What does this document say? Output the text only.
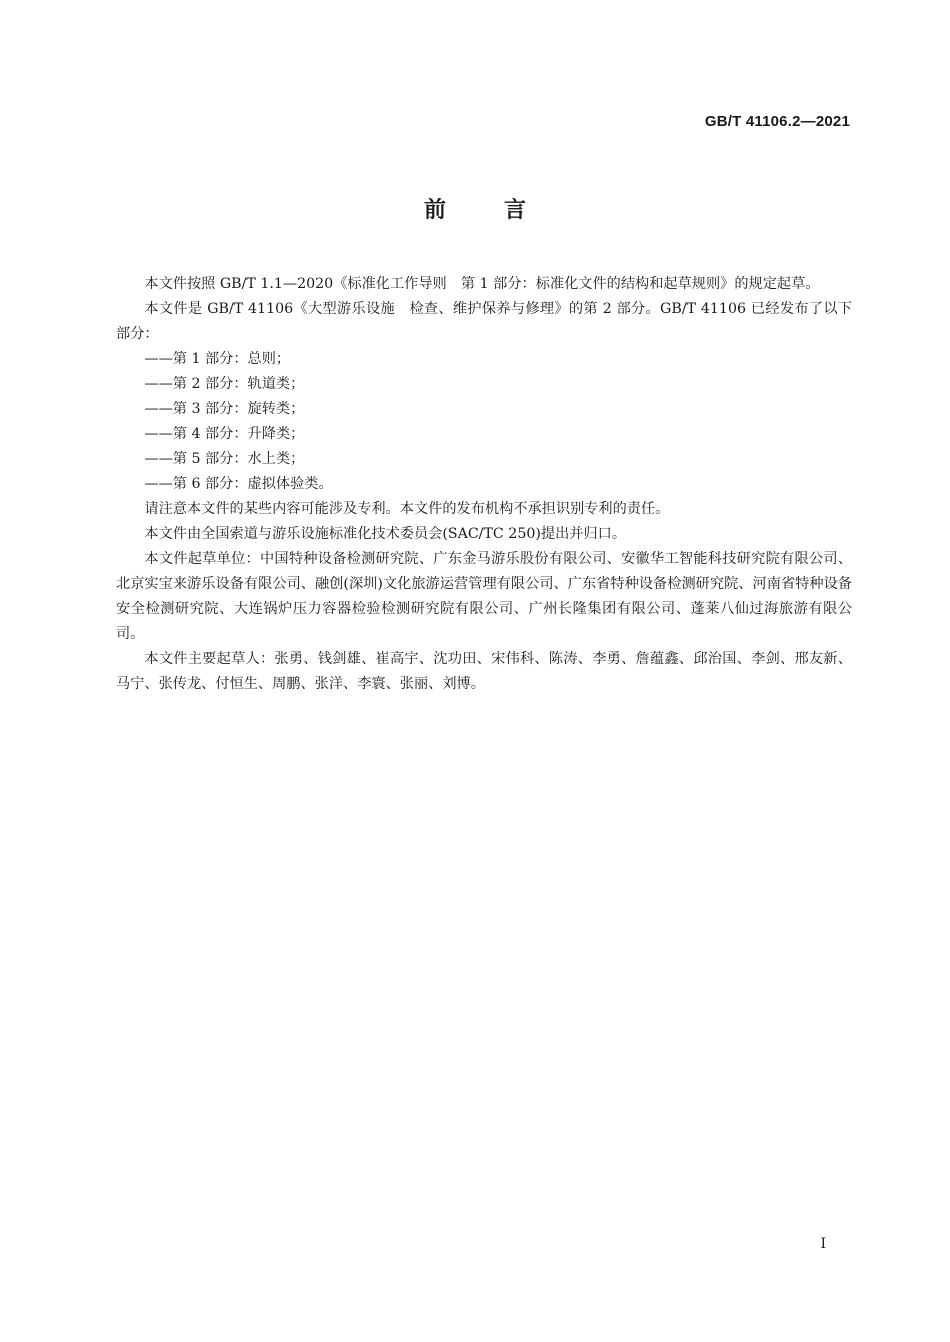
GB/T 41106.2—2021
前言

本文件按照 GB/T 1.1—2020《标准化工作导则　第 1 部分：标准化文件的结构和起草规则》的规定起草。

本文件是 GB/T 41106《大型游乐设施　检查、维护保养与修理》的第 2 部分。GB/T 41106 已经发布了以下部分：

——第 1 部分：总则；
——第 2 部分：轨道类；
——第 3 部分：旋转类；
——第 4 部分：升降类；
——第 5 部分：水上类；
——第 6 部分：虚拟体验类。

请注意本文件的某些内容可能涉及专利。本文件的发布机构不承担识别专利的责任。

本文件由全国索道与游乐设施标准化技术委员会(SAC/TC 250)提出并归口。

本文件起草单位：中国特种设备检测研究院、广东金马游乐股份有限公司、安徽华工智能科技研究院有限公司、北京实宝来游乐设备有限公司、融创(深圳)文化旅游运营管理有限公司、广东省特种设备检测研究院、河南省特种设备安全检测研究院、大连锅炉压力容器检验检测研究院有限公司、广州长隆集团有限公司、蓬莱八仙过海旅游有限公司。

本文件主要起草人：张勇、钱剑雄、崔高宇、沈功田、宋伟科、陈涛、李勇、詹蕴鑫、邱治国、李剑、邢友新、马宁、张传龙、付恒生、周鹏、张洋、李寰、张丽、刘博。

I
